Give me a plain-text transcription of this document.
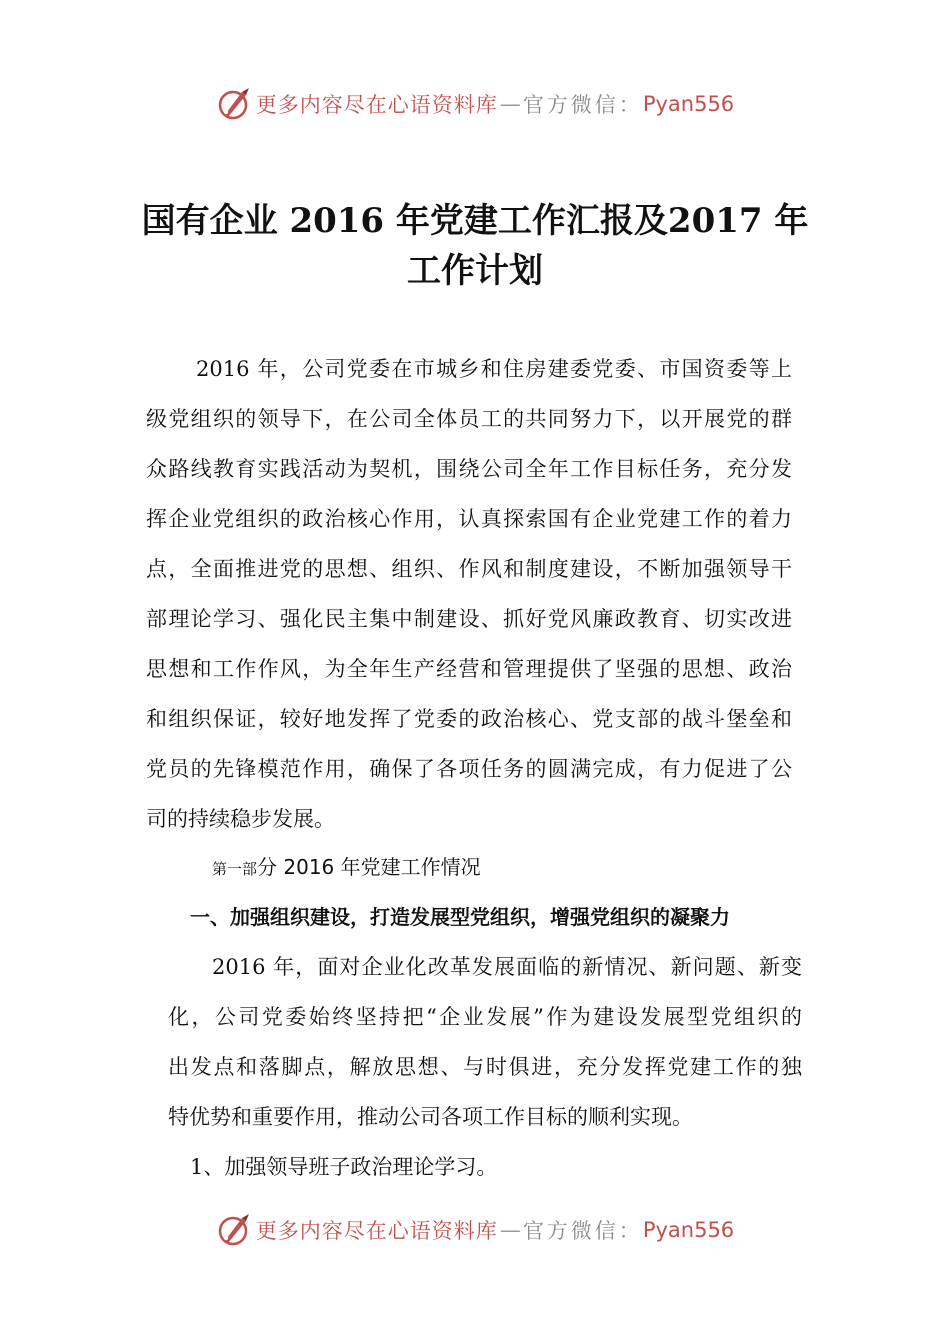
更多内容尽在心语资料库 — 官方微信： Pyan556
国有企业 2016 年党建工作汇报及2017 年
工作计划
2016 年，公司党委在市城乡和住房建委党委、市国资委等上
级党组织的领导下，在公司全体员工的共同努力下，以开展党的群
众路线教育实践活动为契机，围绕公司全年工作目标任务，充分发
挥企业党组织的政治核心作用，认真探索国有企业党建工作的着力
点，全面推进党的思想、组织、作风和制度建设，不断加强领导干
部理论学习、强化民主集中制建设、抓好党风廉政教育、切实改进
思想和工作作风，为全年生产经营和管理提供了坚强的思想、政治
和组织保证，较好地发挥了党委的政治核心、党支部的战斗堡垒和
党员的先锋模范作用，确保了各项任务的圆满完成，有力促进了公
司的持续稳步发展。
第一部分 2016 年党建工作情况
一、加强组织建设，打造发展型党组织，增强党组织的凝聚力
2016 年，面对企业化改革发展面临的新情况、新问题、新变
化，公司党委始终坚持把“企业发展”作为建设发展型党组织的
出发点和落脚点，解放思想、与时俱进，充分发挥党建工作的独
特优势和重要作用，推动公司各项工作目标的顺利实现。
1、加强领导班子政治理论学习。
更多内容尽在心语资料库 — 官方微信： Pyan556
